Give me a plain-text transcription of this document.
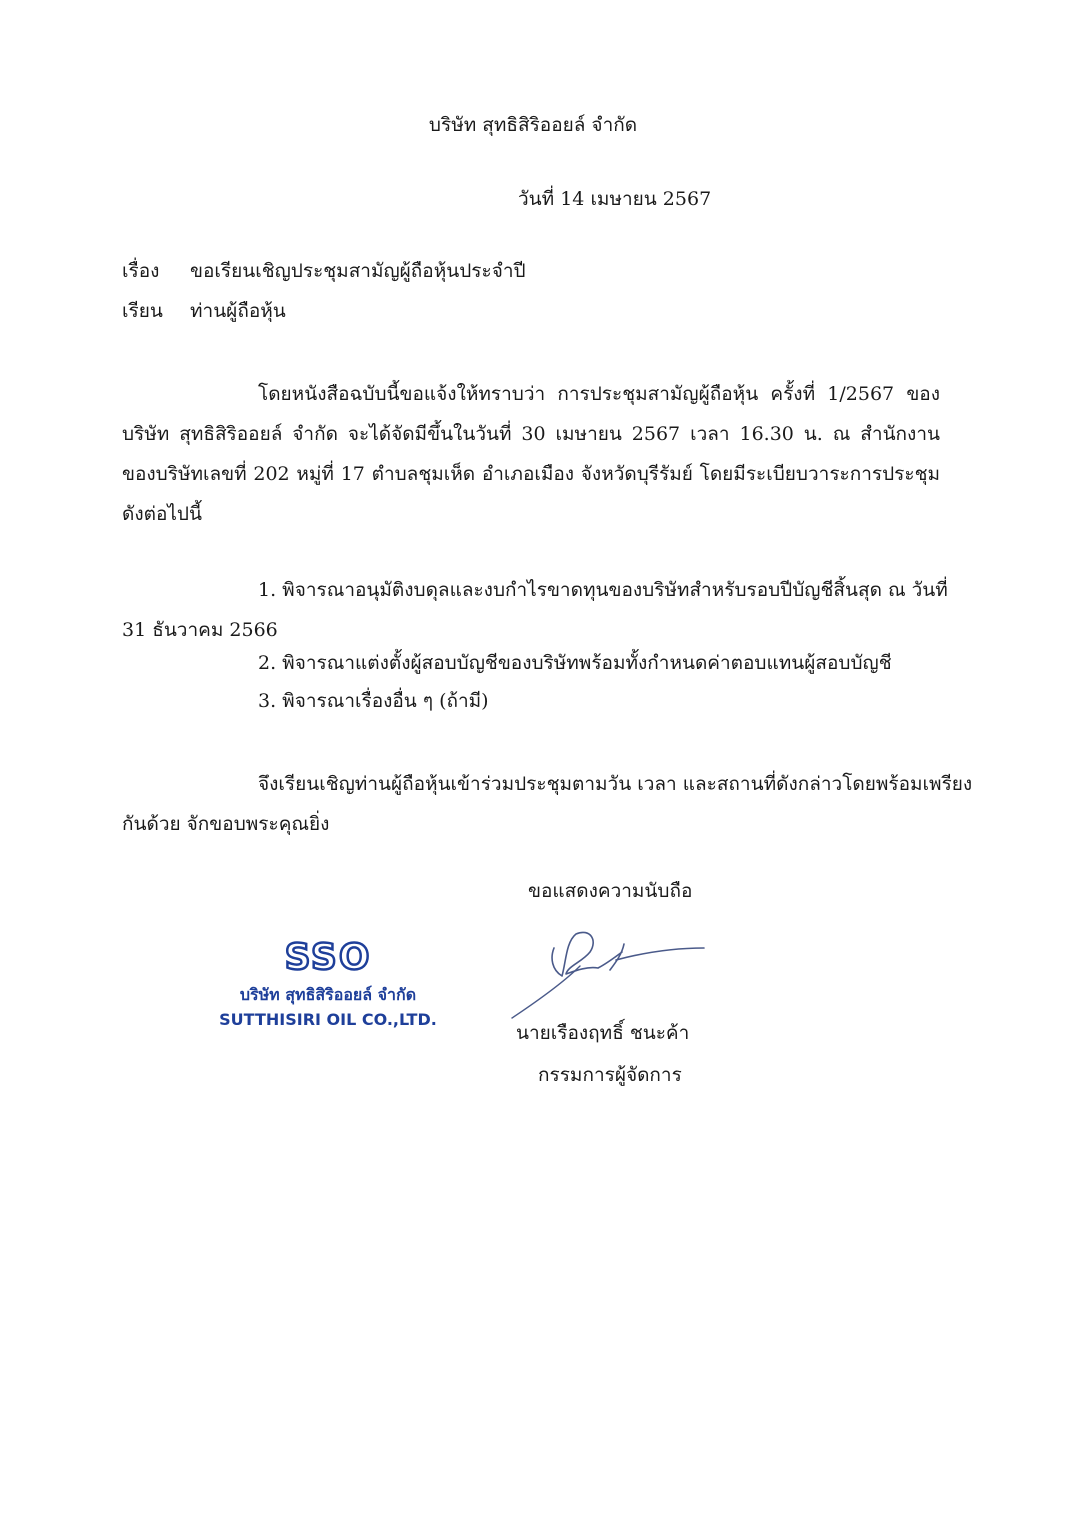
บริษัท สุทธิสิริออยล์ จำกัด
วันที่ 14 เมษายน 2567
เรื่อง	ขอเรียนเชิญประชุมสามัญผู้ถือหุ้นประจำปี
เรียน	ท่านผู้ถือหุ้น
โดยหนังสือฉบับนี้ขอแจ้งให้ทราบว่า การประชุมสามัญผู้ถือหุ้น ครั้งที่ 1/2567 ของ
บริษัท สุทธิสิริออยล์ จำกัด จะได้จัดมีขึ้นในวันที่ 30 เมษายน 2567 เวลา 16.30 น. ณ สำนักงาน
ของบริษัทเลขที่ 202 หมู่ที่ 17 ตำบลชุมเห็ด อำเภอเมือง จังหวัดบุรีรัมย์ โดยมีระเบียบวาระการประชุม
ดังต่อไปนี้
1. พิจารณาอนุมัติงบดุลและงบกำไรขาดทุนของบริษัทสำหรับรอบปีบัญชีสิ้นสุด ณ วันที่
31 ธันวาคม 2566
2. พิจารณาแต่งตั้งผู้สอบบัญชีของบริษัทพร้อมทั้งกำหนดค่าตอบแทนผู้สอบบัญชี
3. พิจารณาเรื่องอื่น ๆ (ถ้ามี)
จึงเรียนเชิญท่านผู้ถือหุ้นเข้าร่วมประชุมตามวัน เวลา และสถานที่ดังกล่าวโดยพร้อมเพรียง
กันด้วย จักขอบพระคุณยิ่ง
ขอแสดงความนับถือ
SSO
บริษัท สุทธิสิริออยล์ จำกัด
SUTTHISIRI OIL CO.,LTD.
นายเรืองฤทธิ์ ชนะค้า
กรรมการผู้จัดการ
